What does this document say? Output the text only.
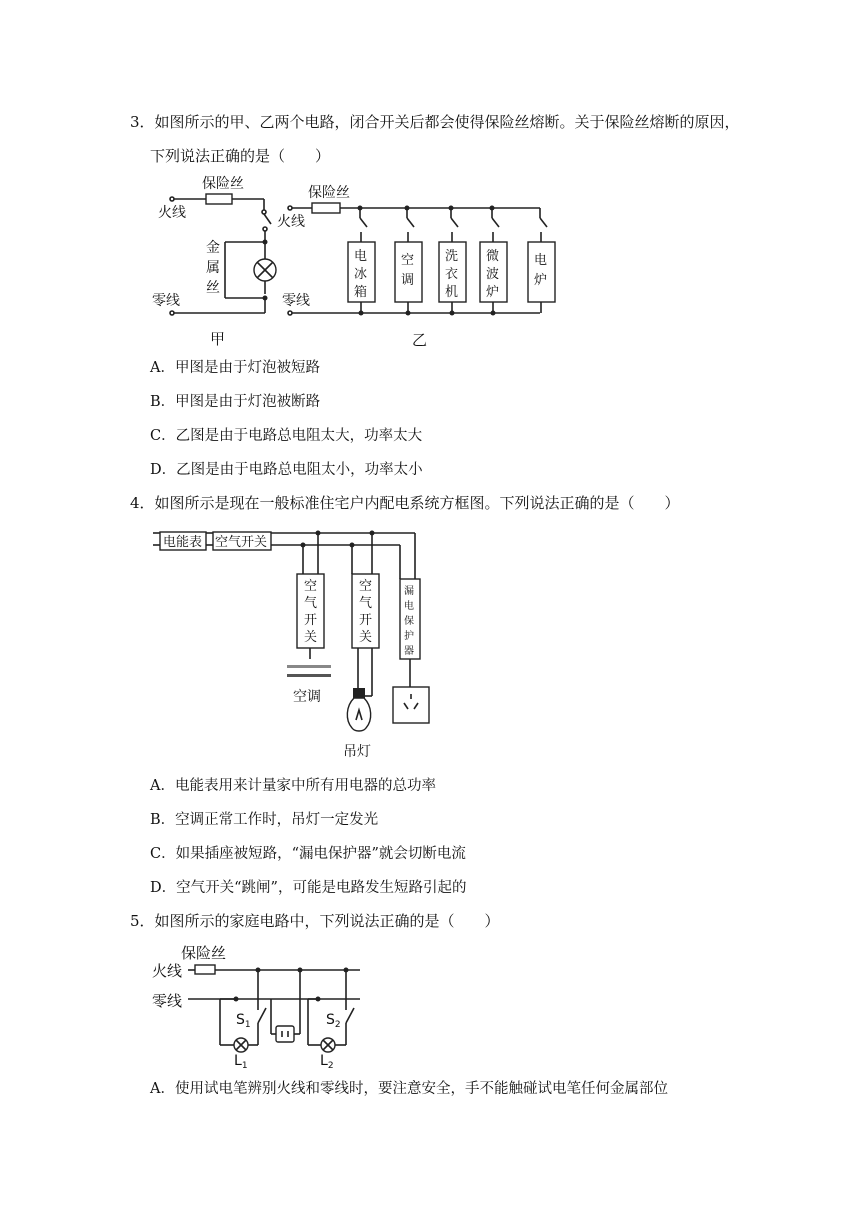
3．如图所示的甲、乙两个电路，闭合开关后都会使得保险丝熔断。关于保险丝熔断的原因，
下列说法正确的是（　　）
保险丝
火线
金
属
丝
零线
甲
保险丝
火线
零线
乙
电
冰
箱
空
调
洗
衣
机
微
波
炉
电
炉
A．甲图是由于灯泡被短路
B．甲图是由于灯泡被断路
C．乙图是由于电路总电阻太大，功率太大
D．乙图是由于电路总电阻太小，功率太小
4．如图所示是现在一般标准住宅户内配电系统方框图。下列说法正确的是（　　）
电能表 空气开关
空
气
开
关
空调
空
气
开
关
吊灯
漏
电
保
护
器
A．电能表用来计量家中所有用电器的总功率
B．空调正常工作时，吊灯一定发光
C．如果插座被短路，“漏电保护器”就会切断电流
D．空气开关“跳闸”，可能是电路发生短路引起的
5．如图所示的家庭电路中，下列说法正确的是（　　）
保险丝
火线
零线
$S_1$
$L_1$
$S_2$
$L_2$
A．使用试电笔辨别火线和零线时，要注意安全，手不能触碰试电笔任何金属部位
